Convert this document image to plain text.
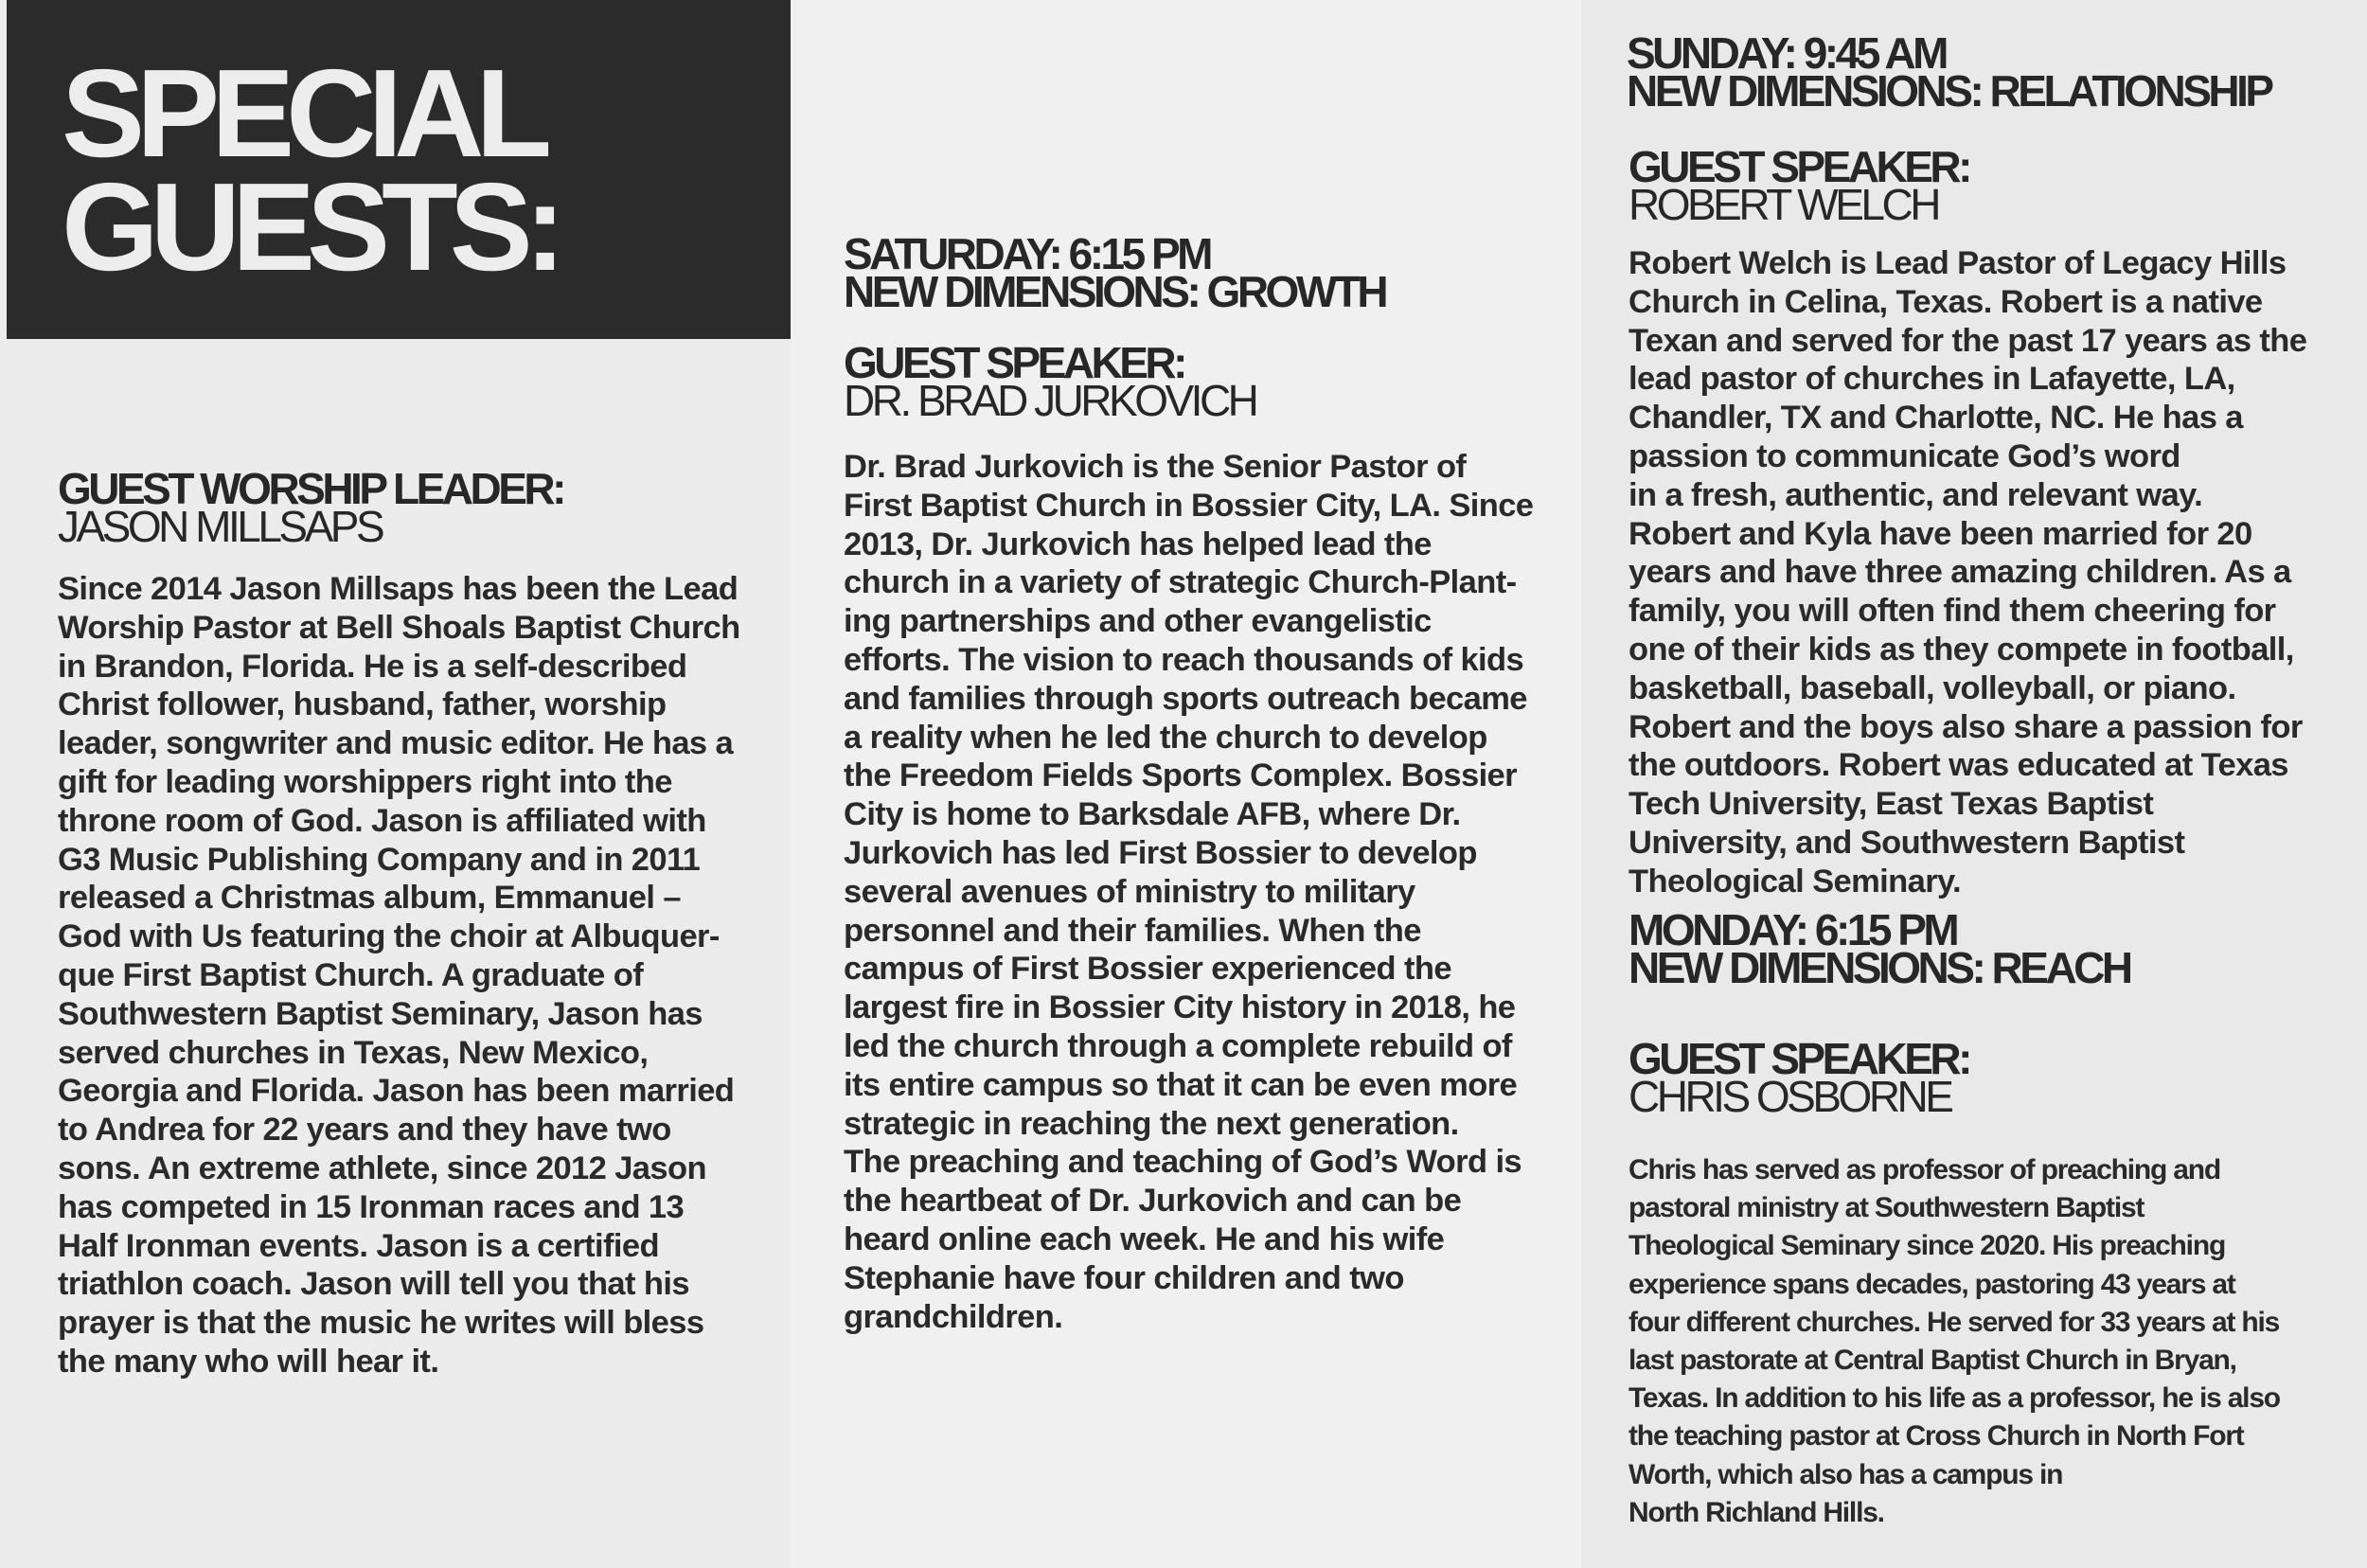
SPECIAL
GUESTS:
GUEST WORSHIP LEADER:
JASON MILLSAPS
Since 2014 Jason Millsaps has been the Lead
Worship Pastor at Bell Shoals Baptist Church
in Brandon, Florida. He is a self-described
Christ follower, husband, father, worship
leader, songwriter and music editor. He has a
gift for leading worshippers right into the
throne room of God. Jason is affiliated with
G3 Music Publishing Company and in 2011
released a Christmas album, Emmanuel –
God with Us featuring the choir at Albuquer-
que First Baptist Church. A graduate of
Southwestern Baptist Seminary, Jason has
served churches in Texas, New Mexico,
Georgia and Florida. Jason has been married
to Andrea for 22 years and they have two
sons. An extreme athlete, since 2012 Jason
has competed in 15 Ironman races and 13
Half Ironman events. Jason is a certified
triathlon coach. Jason will tell you that his
prayer is that the music he writes will bless
the many who will hear it.
SATURDAY: 6:15 PM
NEW DIMENSIONS: GROWTH
GUEST SPEAKER:
DR. BRAD JURKOVICH
Dr. Brad Jurkovich is the Senior Pastor of
First Baptist Church in Bossier City, LA. Since
2013, Dr. Jurkovich has helped lead the
church in a variety of strategic Church-Plant-
ing partnerships and other evangelistic
efforts. The vision to reach thousands of kids
and families through sports outreach became
a reality when he led the church to develop
the Freedom Fields Sports Complex. Bossier
City is home to Barksdale AFB, where Dr.
Jurkovich has led First Bossier to develop
several avenues of ministry to military
personnel and their families. When the
campus of First Bossier experienced the
largest fire in Bossier City history in 2018, he
led the church through a complete rebuild of
its entire campus so that it can be even more
strategic in reaching the next generation.
The preaching and teaching of God’s Word is
the heartbeat of Dr. Jurkovich and can be
heard online each week. He and his wife
Stephanie have four children and two
grandchildren.
SUNDAY: 9:45 AM
NEW DIMENSIONS: RELATIONSHIP
GUEST SPEAKER:
ROBERT WELCH
Robert Welch is Lead Pastor of Legacy Hills
Church in Celina, Texas. Robert is a native
Texan and served for the past 17 years as the
lead pastor of churches in Lafayette, LA,
Chandler, TX and Charlotte, NC. He has a
passion to communicate God’s word
in a fresh, authentic, and relevant way.
Robert and Kyla have been married for 20
years and have three amazing children. As a
family, you will often find them cheering for
one of their kids as they compete in football,
basketball, baseball, volleyball, or piano.
Robert and the boys also share a passion for
the outdoors. Robert was educated at Texas
Tech University, East Texas Baptist
University, and Southwestern Baptist
Theological Seminary.
MONDAY: 6:15 PM
NEW DIMENSIONS: REACH
GUEST SPEAKER:
CHRIS OSBORNE
Chris has served as professor of preaching and
pastoral ministry at Southwestern Baptist
Theological Seminary since 2020. His preaching
experience spans decades, pastoring 43 years at
four different churches. He served for 33 years at his
last pastorate at Central Baptist Church in Bryan,
Texas. In addition to his life as a professor, he is also
the teaching pastor at Cross Church in North Fort
Worth, which also has a campus in
North Richland Hills.
